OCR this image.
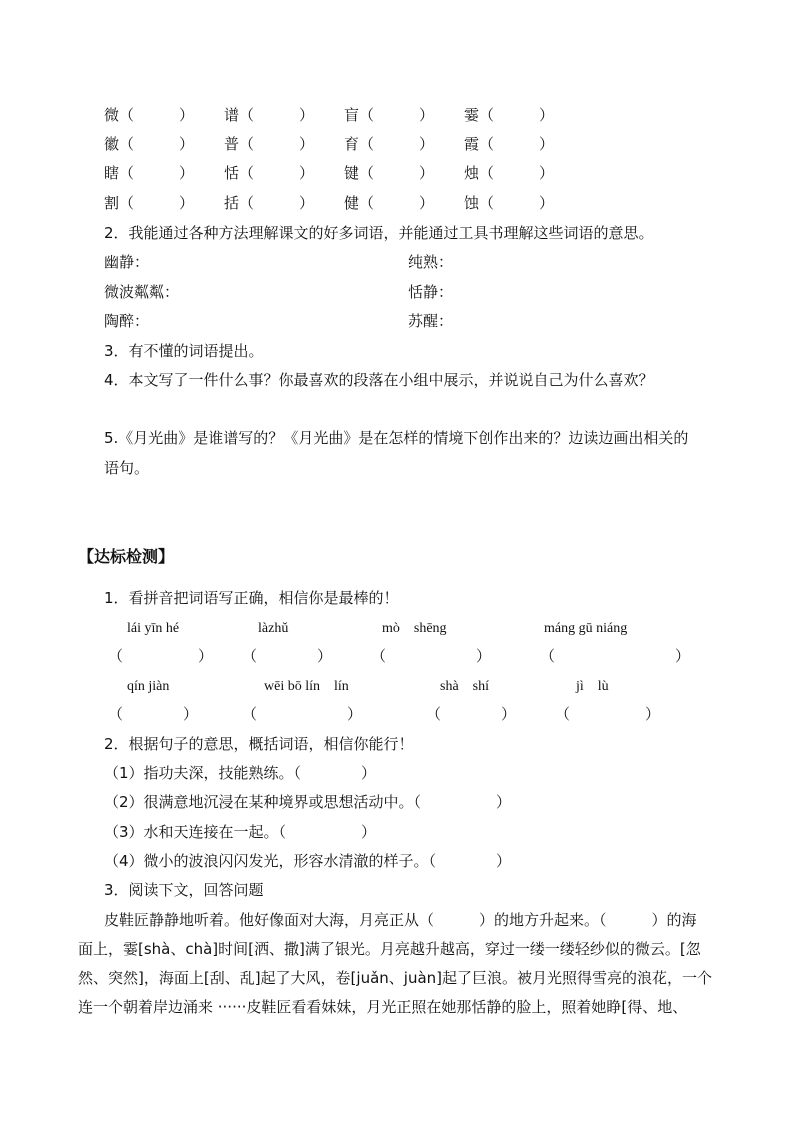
微（　　　） 谱（　　　） 盲（　　　） 霎（　　　）
徽（　　　） 普（　　　） 育（　　　） 霞（　　　）
瞎（　　　） 恬（　　　） 键（　　　） 烛（　　　）
割（　　　） 括（　　　） 健（　　　） 蚀（　　　）
2．我能通过各种方法理解课文的好多词语，并能通过工具书理解这些词语的意思。
幽静：	纯熟：
微波粼粼：	恬静：
陶醉：	苏醒：
3．有不懂的词语提出。
4．本文写了一件什么事？你最喜欢的段落在小组中展示，并说说自己为什么喜欢？
5.《月光曲》是谁谱写的？《月光曲》是在怎样的情境下创作出来的？边读边画出相关的
语句。
【达标检测】
1．看拼音把词语写正确，相信你是最棒的！
lái yīn hé	làzhǔ	mò　shēng	máng gū niáng
（　　　　　） （　　　　）	（　　　　　　）	（　　　　　　　　）
qín jiàn	wēi bō lín　lín	shà　shí	jì　lù
（　　　　）	（　　　　　　）	（　　　　）	（　　　　　）
2．根据句子的意思，概括词语，相信你能行！
（1）指功夫深，技能熟练。（　　　　）
（2）很满意地沉浸在某种境界或思想活动中。（　　　　　）
（3）水和天连接在一起。（　　　　　）
（4）微小的波浪闪闪发光，形容水清澈的样子。（　　　　）
3．阅读下文，回答问题
皮鞋匠静静地听着。他好像面对大海，月亮正从（　　　）的地方升起来。（　　　）的海
面上，霎[shà、chà]时间[洒、撒]满了银光。月亮越升越高，穿过一缕一缕轻纱似的微云。[忽
然、突然]，海面上[刮、乱]起了大风，卷[juǎn、juàn]起了巨浪。被月光照得雪亮的浪花，一个
连一个朝着岸边涌来 ······皮鞋匠看看妹妹，月光正照在她那恬静的脸上，照着她睁[得、地、
